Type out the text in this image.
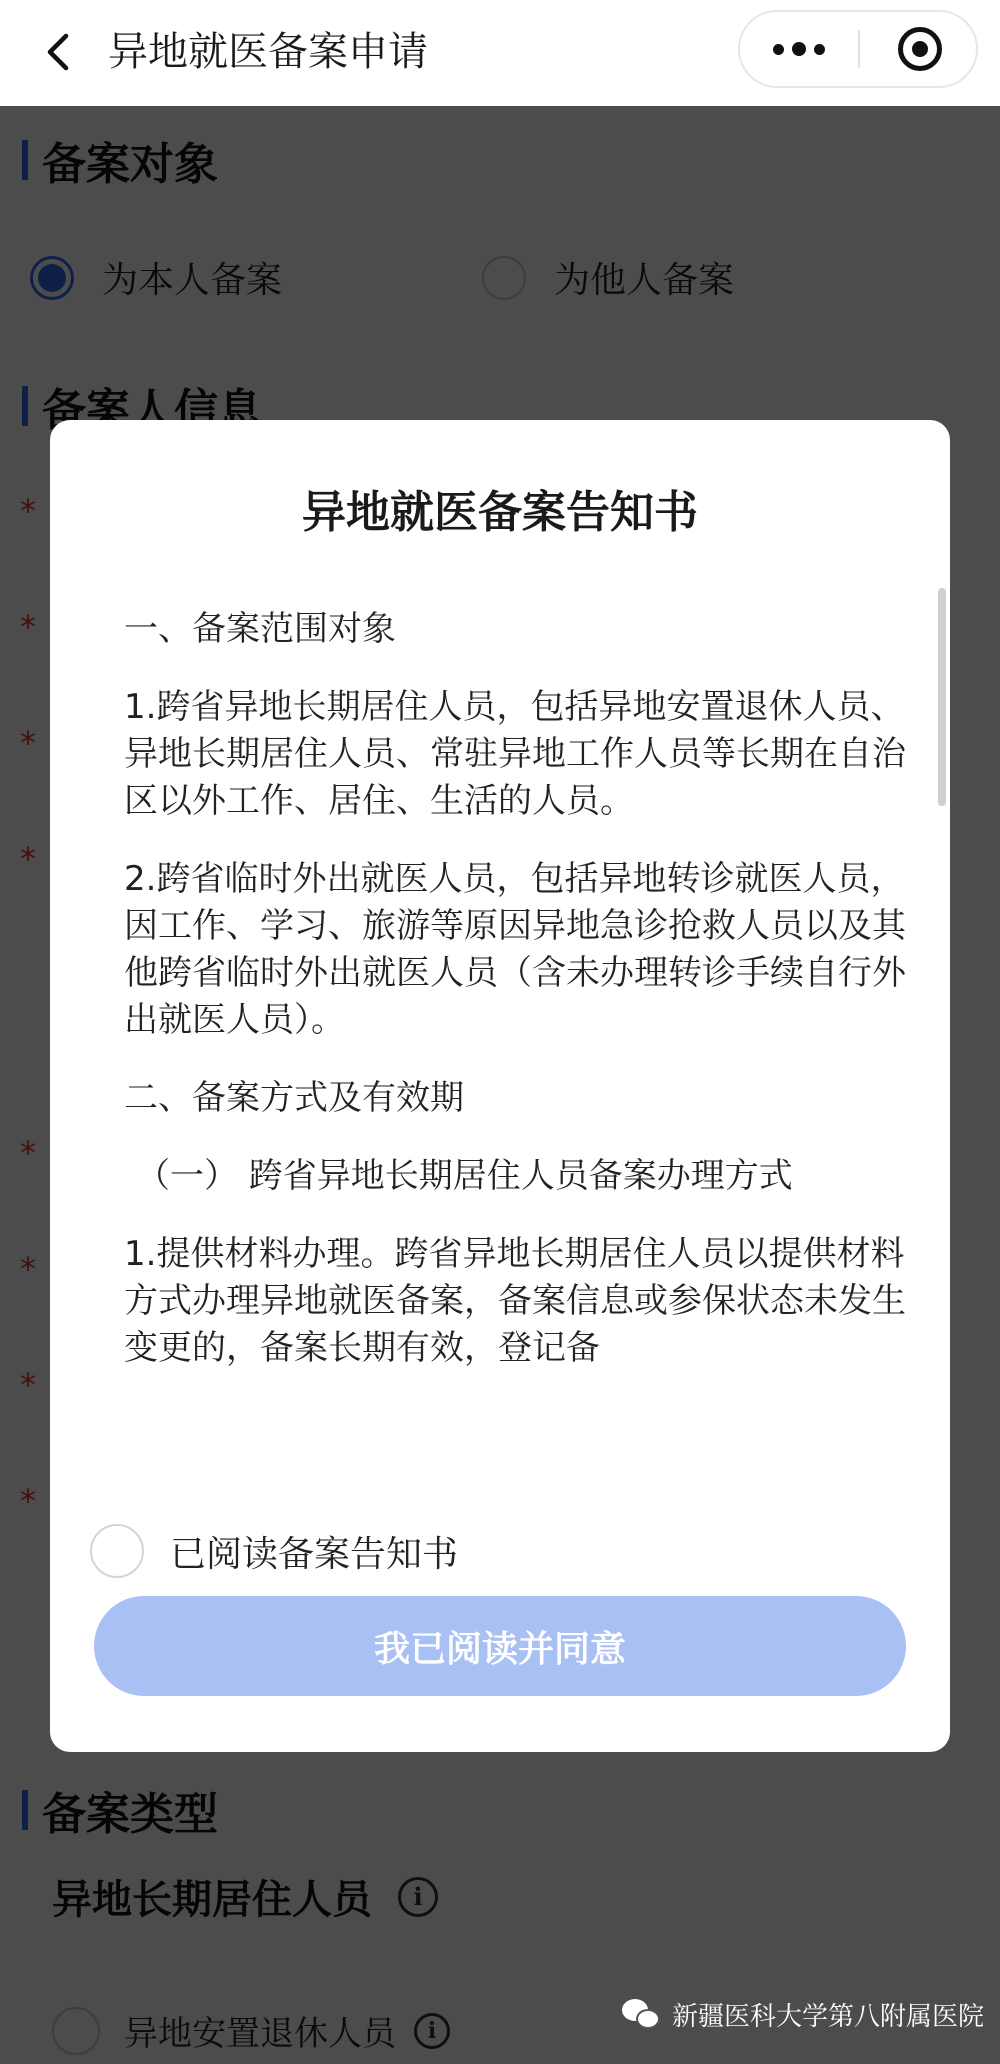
异地就医备案申请
异地就医备案告知书

一、备案范围对象

1.跨省异地长期居住人员，包括异地安置退休人员、异地长期居住人员、常驻异地工作人员等长期在自治区以外工作、居住、生活的人员。

2.跨省临时外出就医人员，包括异地转诊就医人员，因工作、学习、旅游等原因异地急诊抢救人员以及其他跨省临时外出就医人员（含未办理转诊手续自行外出就医人员）。

二、备案方式及有效期

（一） 跨省异地长期居住人员备案办理方式

1.提供材料办理。跨省异地长期居住人员以提供材料方式办理异地就医备案，备案信息或参保状态未发生变更的，备案长期有效，登记备

已阅读备案告知书
我已阅读并同意
新疆医科大学第八附属医院
